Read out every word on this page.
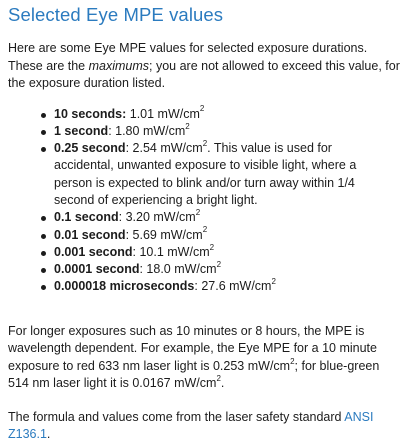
Selected Eye MPE values

Here are some Eye MPE values for selected exposure durations. These are the maximums; you are not allowed to exceed this value, for the exposure duration listed.

10 seconds: 1.01 $mW/cm^2$
1 second: 1.80 $mW/cm^2$
0.25 second: 2.54 $mW/cm^2$. This value is used for accidental, unwanted exposure to visible light, where a person is expected to blink and/or turn away within 1/4 second of experiencing a bright light.
0.1 second: 3.20 $mW/cm^2$
0.01 second: 5.69 $mW/cm^2$
0.001 second: 10.1 $mW/cm^2$
0.0001 second: 18.0 $mW/cm^2$
0.000018 microseconds: 27.6 $mW/cm^2$

For longer exposures such as 10 minutes or 8 hours, the MPE is wavelength dependent. For example, the Eye MPE for a 10 minute exposure to red 633 nm laser light is 0.253 $mW/cm^2$; for blue-green 514 nm laser light it is 0.0167 $mW/cm^2$.

The formula and values come from the laser safety standard ANSI Z136.1.
